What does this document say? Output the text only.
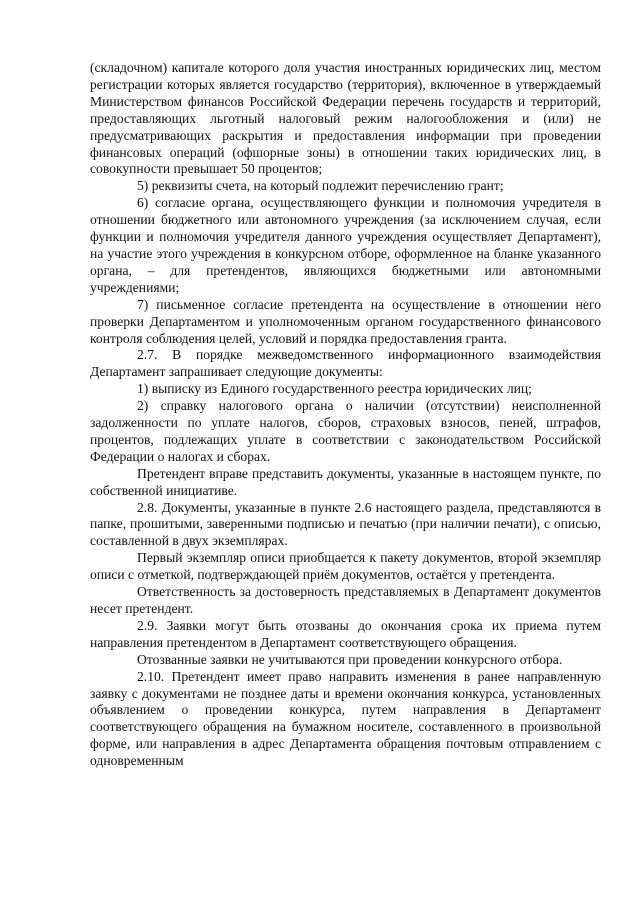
(складочном) капитале которого доля участия иностранных юридических лиц, местом регистрации которых является государство (территория), включенное в утверждаемый Министерством финансов Российской Федерации перечень государств и территорий, предоставляющих льготный налоговый режим налогообложения и (или) не предусматривающих раскрытия и предоставления информации при проведении финансовых операций (офшорные зоны) в отношении таких юридических лиц, в совокупности превышает 50 процентов;

5) реквизиты счета, на который подлежит перечислению грант;

6) согласие органа, осуществляющего функции и полномочия учредителя в отношении бюджетного или автономного учреждения (за исключением случая, если функции и полномочия учредителя данного учреждения осуществляет Департамент), на участие этого учреждения в конкурсном отборе, оформленное на бланке указанного органа, – для претендентов, являющихся бюджетными или автономными учреждениями;

7) письменное согласие претендента на осуществление в отношении него проверки Департаментом и уполномоченным органом государственного финансового контроля соблюдения целей, условий и порядка предоставления гранта.

2.7. В порядке межведомственного информационного взаимодействия Департамент запрашивает следующие документы:

1) выписку из Единого государственного реестра юридических лиц;

2) справку налогового органа о наличии (отсутствии) неисполненной задолженности по уплате налогов, сборов, страховых взносов, пеней, штрафов, процентов, подлежащих уплате в соответствии с законодательством Российской Федерации о налогах и сборах.

Претендент вправе представить документы, указанные в настоящем пункте, по собственной инициативе.

2.8. Документы, указанные в пункте 2.6 настоящего раздела, представляются в папке, прошитыми, заверенными подписью и печатью (при наличии печати), с описью, составленной в двух экземплярах.

Первый экземпляр описи приобщается к пакету документов, второй экземпляр описи с отметкой, подтверждающей приём документов, остаётся у претендента.

Ответственность за достоверность представляемых в Департамент документов несет претендент.

2.9. Заявки могут быть отозваны до окончания срока их приема путем направления претендентом в Департамент соответствующего обращения.

Отозванные заявки не учитываются при проведении конкурсного отбора.

2.10. Претендент имеет право направить изменения в ранее направленную заявку с документами не позднее даты и времени окончания конкурса, установленных объявлением о проведении конкурса, путем направления в Департамент соответствующего обращения на бумажном носителе, составленного в произвольной форме, или направления в адрес Департамента обращения почтовым отправлением с одновременным
